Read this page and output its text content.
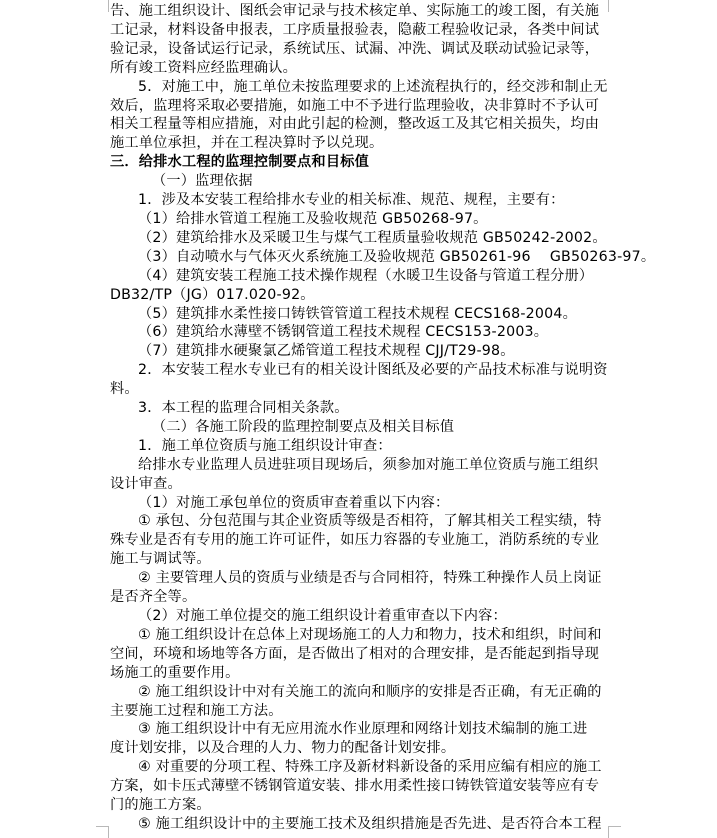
告、施工组织设计、图纸会审记录与技术核定单、实际施工的竣工图，有关施

工记录，材料设备申报表，工序质量报验表，隐蔽工程验收记录，各类中间试

验记录，设备试运行记录，系统试压、试漏、冲洗、调试及联动试验记录等，

所有竣工资料应经监理确认。

5．对施工中，施工单位未按监理要求的上述流程执行的，经交涉和制止无

效后，监理将采取必要措施，如施工中不予进行监理验收，决非算时不予认可

相关工程量等相应措施，对由此引起的检测，整改返工及其它相关损失，均由

施工单位承担，并在工程决算时予以兑现。

三．给排水工程的监理控制要点和目标值

（一）监理依据

1．涉及本安装工程给排水专业的相关标准、规范、规程，主要有：

（1）给排水管道工程施工及验收规范 GB50268-97。

（2）建筑给排水及采暖卫生与煤气工程质量验收规范 GB50242-2002。

（3）自动喷水与气体灭火系统施工及验收规范 GB50261-96　 GB50263-97。

（4）建筑安装工程施工技术操作规程（水暖卫生设备与管道工程分册）

DB32/TP（JG）017.020-92。

（5）建筑排水柔性接口铸铁管管道工程技术规程 CECS168-2004。

（6）建筑给水薄壁不锈钢管道工程技术规程 CECS153-2003。

（7）建筑排水硬聚氯乙烯管道工程技术规程 CJJ/T29-98。

2．本安装工程水专业已有的相关设计图纸及必要的产品技术标准与说明资

料。

3．本工程的监理合同相关条款。

（二）各施工阶段的监理控制要点及相关目标值

1．施工单位资质与施工组织设计审查：

给排水专业监理人员进驻项目现场后，须参加对施工单位资质与施工组织

设计审查。

（1）对施工承包单位的资质审查着重以下内容：

① 承包、分包范围与其企业资质等级是否相符，了解其相关工程实绩，特

殊专业是否有专用的施工许可证件，如压力容器的专业施工，消防系统的专业

施工与调试等。

② 主要管理人员的资质与业绩是否与合同相符，特殊工种操作人员上岗证

是否齐全等。

（2）对施工单位提交的施工组织设计着重审查以下内容：

① 施工组织设计在总体上对现场施工的人力和物力，技术和组织，时间和

空间，环境和场地等各方面，是否做出了相对的合理安排，是否能起到指导现

场施工的重要作用。

② 施工组织设计中对有关施工的流向和顺序的安排是否正确，有无正确的

主要施工过程和施工方法。

③ 施工组织设计中有无应用流水作业原理和网络计划技术编制的施工进

度计划安排，以及合理的人力、物力的配备计划安排。

④ 对重要的分项工程、特殊工序及新材料新设备的采用应编有相应的施工

方案，如卡压式薄壁不锈钢管道安装、排水用柔性接口铸铁管道安装等应有专

门的施工方案。

⑤ 施工组织设计中的主要施工技术及组织措施是否先进、是否符合本工程
